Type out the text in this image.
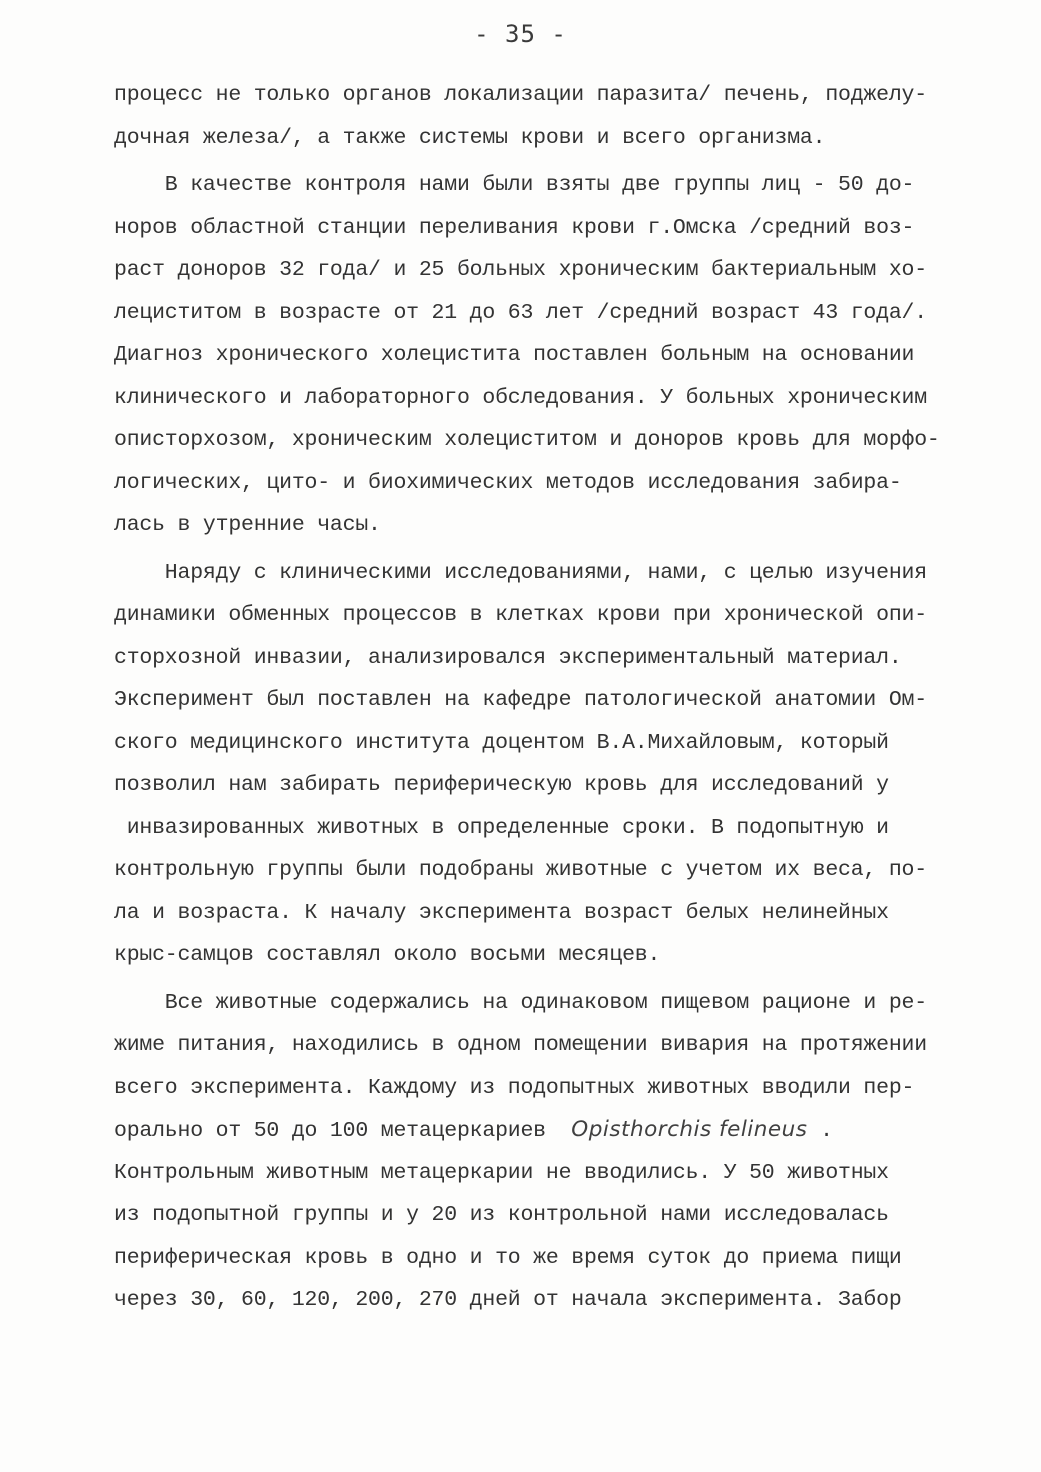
- 35 -
процесс не только органов локализации паразита/ печень, поджелу-
дочная железа/, а также системы крови и всего организма.
В качестве контроля нами были взяты две группы лиц - 50 до-
норов областной станции переливания крови г.Омска /средний воз-
раст доноров 32 года/ и 25 больных хроническим бактериальным хо-
лециститом в возрасте от 21 до 63 лет /средний возраст 43 года/.
Диагноз хронического холецистита поставлен больным на основании
клинического и лабораторного обследования. У больных хроническим
описторхозом, хроническим холециститом и доноров кровь для морфо-
логических, цито- и биохимических методов исследования забира-
лась в утренние часы.
Наряду с клиническими исследованиями, нами, с целью изучения
динамики обменных процессов в клетках крови при хронической опи-
сторхозной инвазии, анализировался экспериментальный материал.
Эксперимент был поставлен на кафедре патологической анатомии Ом-
ского медицинского института доцентом В.А.Михайловым, который
позволил нам забирать периферическую кровь для исследований у
инвазированных животных в определенные сроки. В подопытную и
контрольную группы были подобраны животные с учетом их веса, по-
ла и возраста. К началу эксперимента возраст белых нелинейных
крыс-самцов составлял около восьми месяцев.
Все животные содержались на одинаковом пищевом рационе и ре-
жиме питания, находились в одном помещении вивария на протяжении
всего эксперимента. Каждому из подопытных животных вводили пер-
орально от 50 до 100 метацеркариев  Opisthorchis felineus .
Контрольным животным метацеркарии не вводились. У 50 животных
из подопытной группы и у 20 из контрольной нами исследовалась
периферическая кровь в одно и то же время суток до приема пищи
через 30, 60, 120, 200, 270 дней от начала эксперимента. Забор
